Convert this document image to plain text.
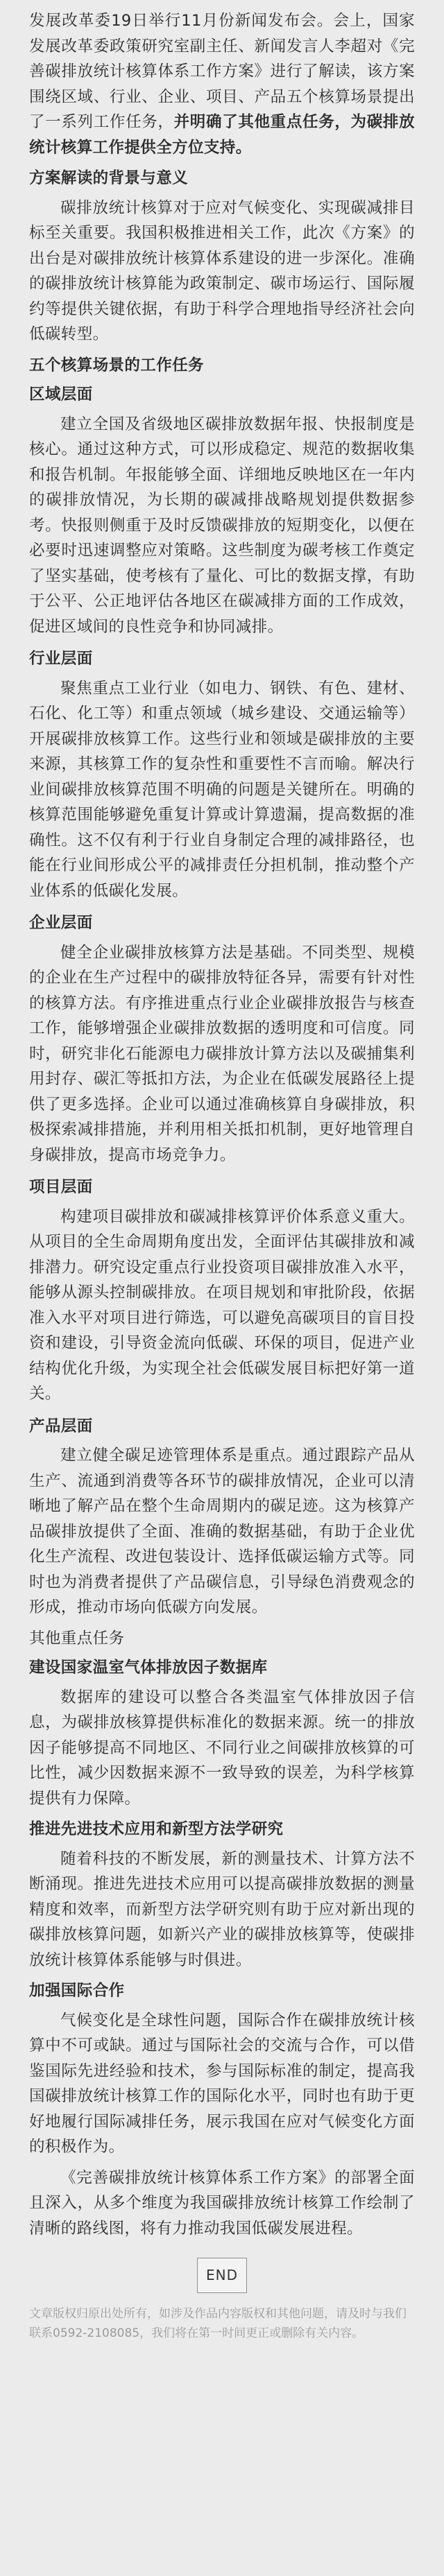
发展改革委19日举行11月份新闻发布会。会上，国家发展改革委政策研究室副主任、新闻发言人李超对《完善碳排放统计核算体系工作方案》进行了解读，该方案围绕区域、行业、企业、项目、产品五个核算场景提出了一系列工作任务，并明确了其他重点任务，为碳排放统计核算工作提供全方位支持。

方案解读的背景与意义

碳排放统计核算对于应对气候变化、实现碳减排目标至关重要。我国积极推进相关工作，此次《方案》的出台是对碳排放统计核算体系建设的进一步深化。准确的碳排放统计核算能为政策制定、碳市场运行、国际履约等提供关键依据，有助于科学合理地指导经济社会向低碳转型。

五个核算场景的工作任务
区域层面

建立全国及省级地区碳排放数据年报、快报制度是核心。通过这种方式，可以形成稳定、规范的数据收集和报告机制。年报能够全面、详细地反映地区在一年内的碳排放情况，为长期的碳减排战略规划提供数据参考。快报则侧重于及时反馈碳排放的短期变化，以便在必要时迅速调整应对策略。这些制度为碳考核工作奠定了坚实基础，使考核有了量化、可比的数据支撑，有助于公平、公正地评估各地区在碳减排方面的工作成效，促进区域间的良性竞争和协同减排。

行业层面

聚焦重点工业行业（如电力、钢铁、有色、建材、石化、化工等）和重点领域（城乡建设、交通运输等）开展碳排放核算工作。这些行业和领域是碳排放的主要来源，其核算工作的复杂性和重要性不言而喻。解决行业间碳排放核算范围不明确的问题是关键所在。明确的核算范围能够避免重复计算或计算遗漏，提高数据的准确性。这不仅有利于行业自身制定合理的减排路径，也能在行业间形成公平的减排责任分担机制，推动整个产业体系的低碳化发展。

企业层面

健全企业碳排放核算方法是基础。不同类型、规模的企业在生产过程中的碳排放特征各异，需要有针对性的核算方法。有序推进重点行业企业碳排放报告与核查工作，能够增强企业碳排放数据的透明度和可信度。同时，研究非化石能源电力碳排放计算方法以及碳捕集利用封存、碳汇等抵扣方法，为企业在低碳发展路径上提供了更多选择。企业可以通过准确核算自身碳排放，积极探索减排措施，并利用相关抵扣机制，更好地管理自身碳排放，提高市场竞争力。

项目层面

构建项目碳排放和碳减排核算评价体系意义重大。从项目的全生命周期角度出发，全面评估其碳排放和减排潜力。研究设定重点行业投资项目碳排放准入水平，能够从源头控制碳排放。在项目规划和审批阶段，依据准入水平对项目进行筛选，可以避免高碳项目的盲目投资和建设，引导资金流向低碳、环保的项目，促进产业结构优化升级，为实现全社会低碳发展目标把好第一道关。

产品层面

建立健全碳足迹管理体系是重点。通过跟踪产品从生产、流通到消费等各环节的碳排放情况，企业可以清晰地了解产品在整个生命周期内的碳足迹。这为核算产品碳排放提供了全面、准确的数据基础，有助于企业优化生产流程、改进包装设计、选择低碳运输方式等。同时也为消费者提供了产品碳信息，引导绿色消费观念的形成，推动市场向低碳方向发展。

其他重点任务
建设国家温室气体排放因子数据库

数据库的建设可以整合各类温室气体排放因子信息，为碳排放核算提供标准化的数据来源。统一的排放因子能够提高不同地区、不同行业之间碳排放核算的可比性，减少因数据来源不一致导致的误差，为科学核算提供有力保障。

推进先进技术应用和新型方法学研究

随着科技的不断发展，新的测量技术、计算方法不断涌现。推进先进技术应用可以提高碳排放数据的测量精度和效率，而新型方法学研究则有助于应对新出现的碳排放核算问题，如新兴产业的碳排放核算等，使碳排放统计核算体系能够与时俱进。

加强国际合作

气候变化是全球性问题，国际合作在碳排放统计核算中不可或缺。通过与国际社会的交流与合作，可以借鉴国际先进经验和技术，参与国际标准的制定，提高我国碳排放统计核算工作的国际化水平，同时也有助于更好地履行国际减排任务，展示我国在应对气候变化方面的积极作为。

《完善碳排放统计核算体系工作方案》的部署全面且深入，从多个维度为我国碳排放统计核算工作绘制了清晰的路线图，将有力推动我国低碳发展进程。

END
文章版权归原出处所有，如涉及作品内容版权和其他问题，请及时与我们联系0592-2108085，我们将在第一时间更正或删除有关内容。
